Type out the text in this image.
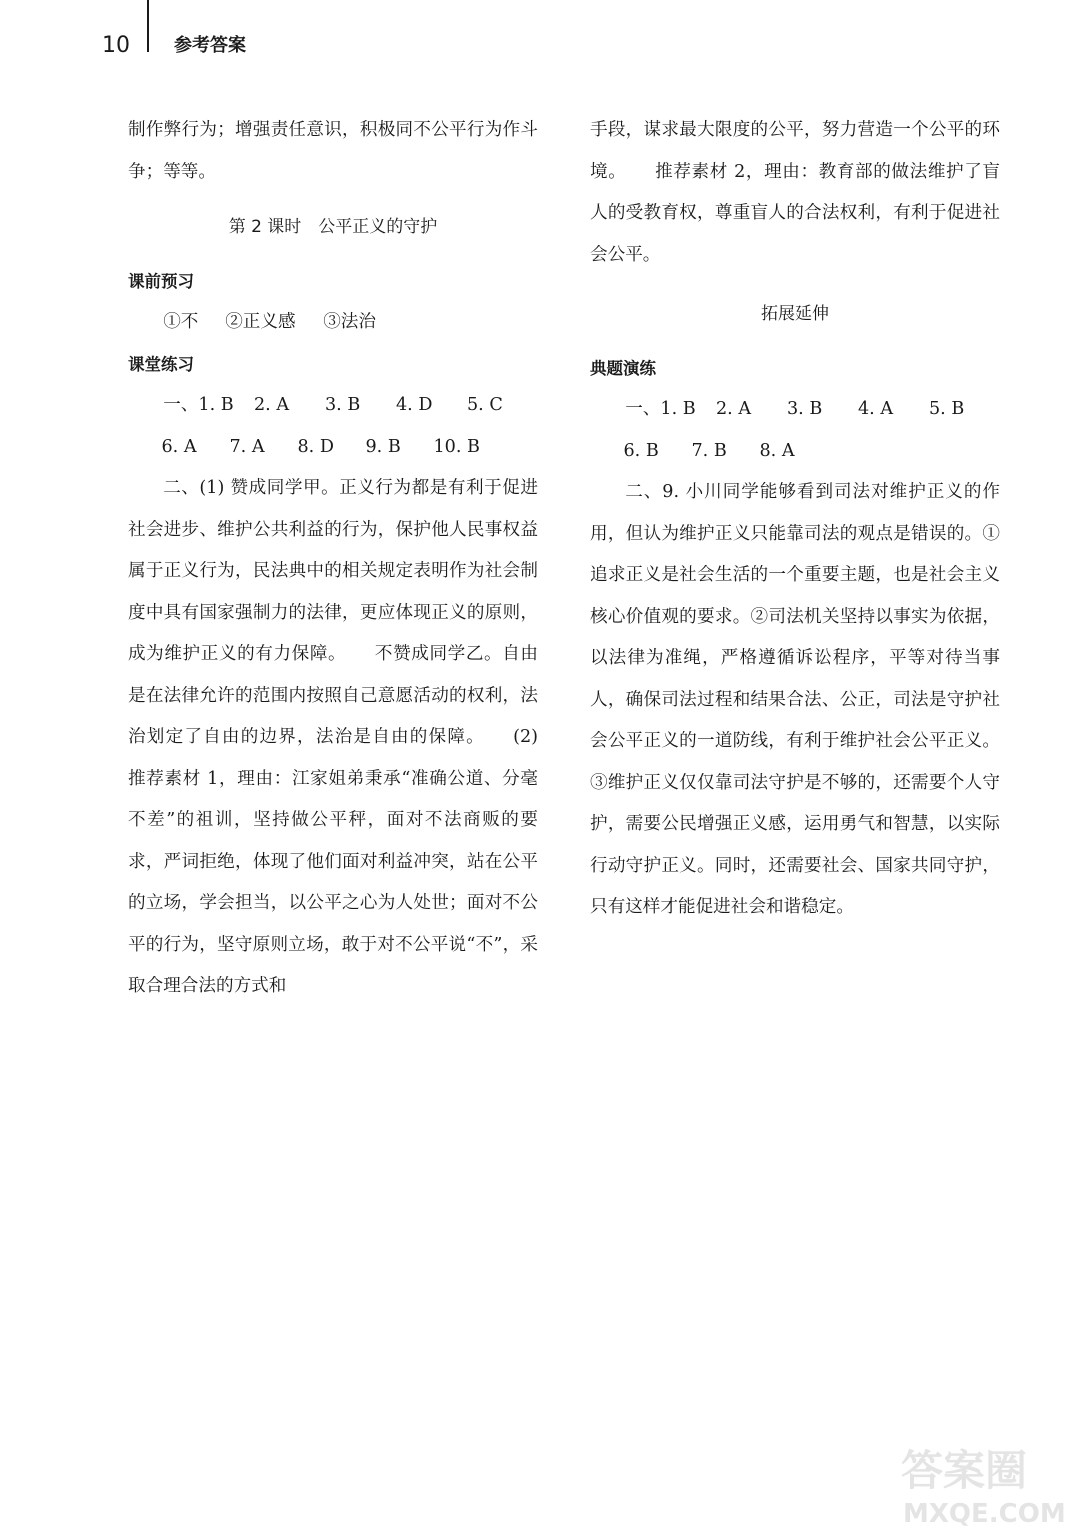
10 参考答案

制作弊行为；增强责任意识，积极同不公平行为作斗争；等等。

第 2 课时　公平正义的守护
课前预习
①不	②正义感	③法治
课堂练习
一、1. B	2. A	3. B	4. D	5. C
6. A	7. A	8. D	9. B	10. B

二、(1) 赞成同学甲。正义行为都是有利于促进社会进步、维护公共利益的行为，保护他人民事权益属于正义行为，民法典中的相关规定表明作为社会制度中具有国家强制力的法律，更应体现正义的原则，成为维护正义的有力保障。 不赞成同学乙。自由是在法律允许的范围内按照自己意愿活动的权利，法治划定了自由的边界，法治是自由的保障。 (2) 推荐素材 1，理由：江家姐弟秉承“准确公道、分毫不差”的祖训，坚持做公平秤，面对不法商贩的要求，严词拒绝，体现了他们面对利益冲突，站在公平的立场，学会担当，以公平之心为人处世；面对不公平的行为，坚守原则立场，敢于对不公平说“不”，采取合理合法的方式和

手段，谋求最大限度的公平，努力营造一个公平的环境。 推荐素材 2，理由：教育部的做法维护了盲人的受教育权，尊重盲人的合法权利，有利于促进社会公平。

拓展延伸
典题演练
一、1. B	2. A	3. B	4. A	5. B
6. B	7. B	8. A

二、9. 小川同学能够看到司法对维护正义的作用，但认为维护正义只能靠司法的观点是错误的。①追求正义是社会生活的一个重要主题，也是社会主义核心价值观的要求。②司法机关坚持以事实为依据，以法律为准绳，严格遵循诉讼程序，平等对待当事人，确保司法过程和结果合法、公正，司法是守护社会公平正义的一道防线，有利于维护社会公平正义。③维护正义仅仅靠司法守护是不够的，还需要个人守护，需要公民增强正义感，运用勇气和智慧，以实际行动守护正义。同时，还需要社会、国家共同守护，只有这样才能促进社会和谐稳定。

答案圈
MXQE.COM
